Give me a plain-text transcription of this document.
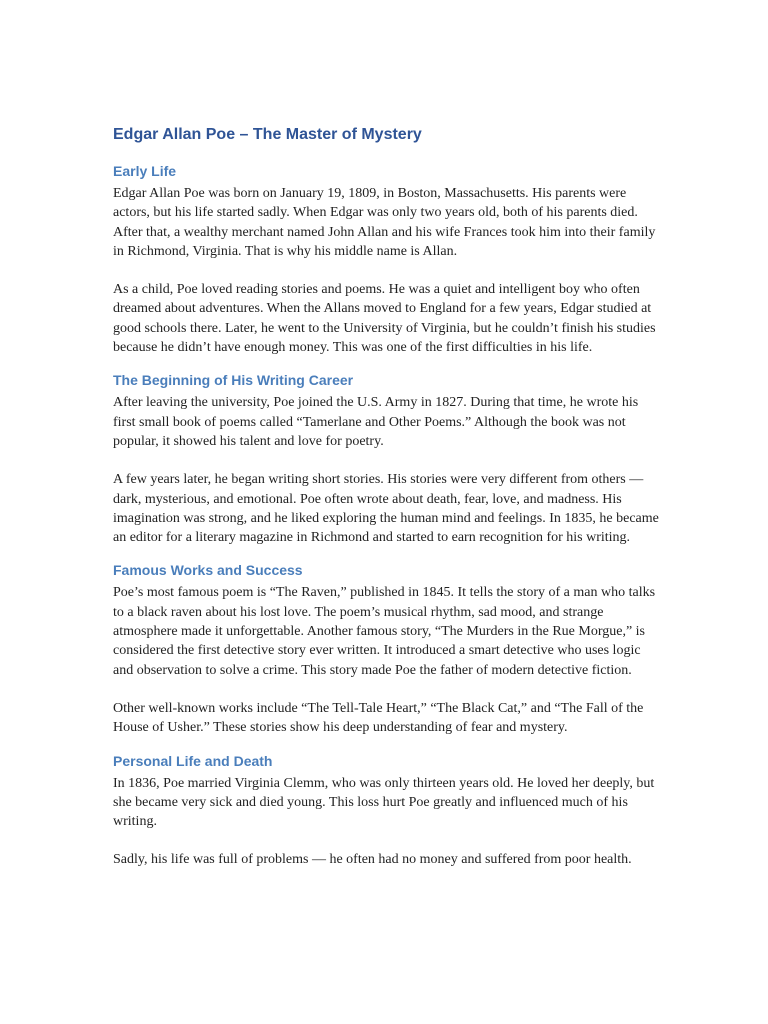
Edgar Allan Poe – The Master of Mystery
Early Life

Edgar Allan Poe was born on January 19, 1809, in Boston, Massachusetts. His parents were actors, but his life started sadly. When Edgar was only two years old, both of his parents died. After that, a wealthy merchant named John Allan and his wife Frances took him into their family in Richmond, Virginia. That is why his middle name is Allan.

As a child, Poe loved reading stories and poems. He was a quiet and intelligent boy who often dreamed about adventures. When the Allans moved to England for a few years, Edgar studied at good schools there. Later, he went to the University of Virginia, but he couldn’t finish his studies because he didn’t have enough money. This was one of the first difficulties in his life.

The Beginning of His Writing Career

After leaving the university, Poe joined the U.S. Army in 1827. During that time, he wrote his first small book of poems called “Tamerlane and Other Poems.” Although the book was not popular, it showed his talent and love for poetry.

A few years later, he began writing short stories. His stories were very different from others — dark, mysterious, and emotional. Poe often wrote about death, fear, love, and madness. His imagination was strong, and he liked exploring the human mind and feelings. In 1835, he became an editor for a literary magazine in Richmond and started to earn recognition for his writing.

Famous Works and Success

Poe’s most famous poem is “The Raven,” published in 1845. It tells the story of a man who talks to a black raven about his lost love. The poem’s musical rhythm, sad mood, and strange atmosphere made it unforgettable. Another famous story, “The Murders in the Rue Morgue,” is considered the first detective story ever written. It introduced a smart detective who uses logic and observation to solve a crime. This story made Poe the father of modern detective fiction.

Other well-known works include “The Tell-Tale Heart,” “The Black Cat,” and “The Fall of the House of Usher.” These stories show his deep understanding of fear and mystery.

Personal Life and Death

In 1836, Poe married Virginia Clemm, who was only thirteen years old. He loved her deeply, but she became very sick and died young. This loss hurt Poe greatly and influenced much of his writing.

Sadly, his life was full of problems — he often had no money and suffered from poor health.
